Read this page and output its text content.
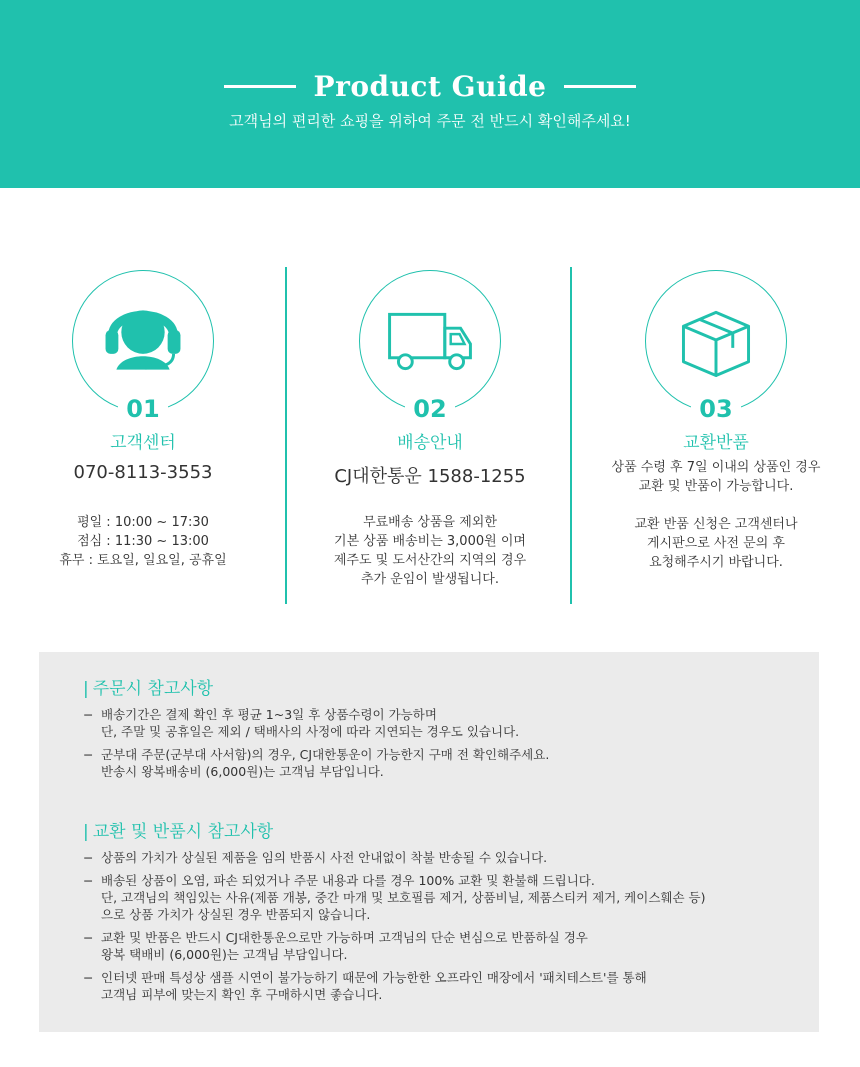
Product Guide
고객님의 편리한 쇼핑을 위하여 주문 전 반드시 확인해주세요!
01
고객센터
070-8113-3553
평일 : 10:00 ~ 17:30
점심 : 11:30 ~ 13:00
휴무 : 토요일, 일요일, 공휴일
02
배송안내
CJ대한통운 1588-1255
무료배송 상품을 제외한
기본 상품 배송비는 3,000원 이며
제주도 및 도서산간의 지역의 경우
추가 운임이 발생됩니다.
03
교환반품
상품 수령 후 7일 이내의 상품인 경우
교환 및 반품이 가능합니다.
교환 반품 신청은 고객센터나
게시판으로 사전 문의 후
요청해주시기 바랍니다.
| 주문시 참고사항
− 배송기간은 결제 확인 후 평균 1~3일 후 상품수령이 가능하며
단, 주말 및 공휴일은 제외 / 택배사의 사정에 따라 지연되는 경우도 있습니다.
− 군부대 주문(군부대 사서함)의 경우, CJ대한통운이 가능한지 구매 전 확인해주세요.
반송시 왕복배송비 (6,000원)는 고객님 부담입니다.
| 교환 및 반품시 참고사항
− 상품의 가치가 상실된 제품을 임의 반품시 사전 안내없이 착불 반송될 수 있습니다.
− 배송된 상품이 오염, 파손 되었거나 주문 내용과 다를 경우 100% 교환 및 환불해 드립니다.
단, 고객님의 책임있는 사유(제품 개봉, 중간 마개 및 보호필름 제거, 상품비닐, 제품스티커 제거, 케이스훼손 등)
으로 상품 가치가 상실된 경우 반품되지 않습니다.
− 교환 및 반품은 반드시 CJ대한통운으로만 가능하며 고객님의 단순 변심으로 반품하실 경우
왕복 택배비 (6,000원)는 고객님 부담입니다.
− 인터넷 판매 특성상 샘플 시연이 불가능하기 때문에 가능한한 오프라인 매장에서 '패치테스트'를 통해
고객님 피부에 맞는지 확인 후 구매하시면 좋습니다.
